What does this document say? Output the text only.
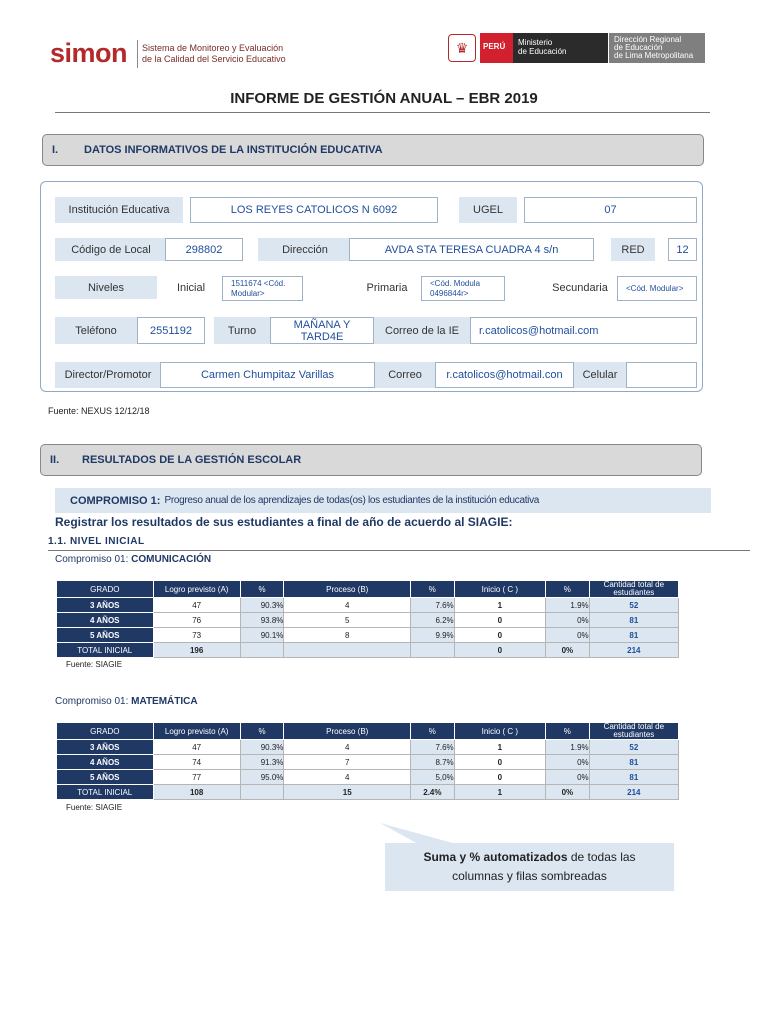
simon Sistema de Monitoreo y Evaluación
de la Calidad del Servicio Educativo
♛	PERÚ	Ministerio
de Educación
Dirección Regional
de Educación
de Lima Metropolitana
INFORME DE GESTIÓN ANUAL – EBR 2019
I.	DATOS INFORMATIVOS DE LA INSTITUCIÓN EDUCATIVA
Institución Educativa	LOS REYES CATOLICOS N 6092	UGEL	07
Código de Local	298802	Dirección	AVDA STA TERESA CUADRA 4 s/n	RED	12
Niveles	Inicial	1511674 <Cód. Modular>	Primaria	<Cód. Modula 0496844r>	Secundaria	<Cód. Modular>
Teléfono	2551192	Turno	MAÑANA Y TARD4E	Correo de la IE	r.catolicos@hotmail.com
Director/Promotor	Carmen Chumpitaz Varillas	Correo	r.catolicos@hotmail.con	Celular
Fuente: NEXUS 12/12/18
II.	RESULTADOS DE LA GESTIÓN ESCOLAR
COMPROMISO 1: Progreso anual de los aprendizajes de todas(os) los estudiantes de la institución educativa
Registrar los resultados de sus estudiantes a final de año de acuerdo al SIAGIE:
1.1. NIVEL INICIAL
Compromiso 01: COMUNICACIÓN
GRADO	Logro previsto (A)	%	Proceso (B)	%	Inicio ( C )	%	Cantidad total de estudiantes
3 AÑOS	47	90.3%	4	7.6%	1	1.9%	52
4 AÑOS	76	93.8%	5	6.2%	0	0%	81
5 AÑOS	73	90.1%	8	9.9%	0	0%	81
TOTAL INICIAL	196				0	0%	214
Fuente: SIAGIE
Compromiso 01: MATEMÁTICA
GRADO	Logro previsto (A)	%	Proceso (B)	%	Inicio ( C )	%	Cantidad total de estudiantes
3 AÑOS	47	90.3%	4	7.6%	1	1.9%	52
4 AÑOS	74	91.3%	7	8.7%	0	0%	81
5 AÑOS	77	95.0%	4	5,0%	0	0%	81
TOTAL INICIAL	108		15	2.4%	1	0%	214
Fuente: SIAGIE
Suma y % automatizados de todas las
columnas y filas sombreadas
